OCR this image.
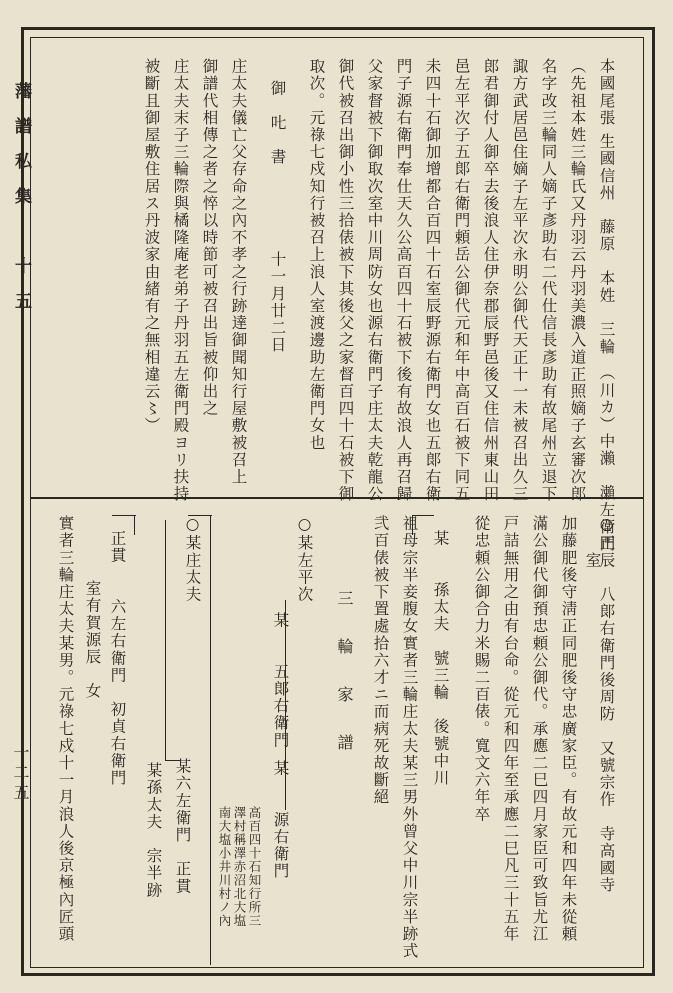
藩譜私集　十五
一二五
本國尾張 生國信州　藤原　本姓　三輪　（川カ）中瀨　瀨左衛門
（先祖本姓三輪氏又丹羽云丹羽美濃入道正照嫡子玄審次郎
名字改三輪同人嫡子彥助右二代仕信長彥助有故尾州立退下
諏方武居邑住嫡子左平次永明公御代天正十一未被召出久三
郎君御付人御卒去後浪人住伊奈郡辰野邑後又住信州東山田
邑左平次子五郞右衛門頼岳公御代元和年中高百石被下同五
未四十石御加增都合百四十石室辰野源右衛門女也五郞右衛
門子源右衛門奉仕天久公高百四十石被下後有故浪人再召歸
父家督被下御取次室中川周防女也源右衛門子庄太夫乾龍公
御代被召出御小性三拾俵被下其後父之家督百四十石被下御
取次。元祿七戍知行被召上浪人室渡邊助左衛門女也
御　𠮟　書　　　　　十一月廿二日
庄太夫儀亡父存命之內不孝之行跡達御聞知行屋敷被召上
御譜代相傳之者之悴以時節可被召出旨被仰出之
庄太夫末子三輪際與橘隆庵老弟子丹羽五左衛門殿ヨリ扶持
被斷且御屋敷住居ス丹波家由緒有之無相違云〻）
○正辰　八郞右衛門後周防　又號宗作　寺高國寺
室
加藤肥後守淸正同肥後守忠廣家臣。有故元和四年未從頼
滿公御代御預忠頼公御代。承應二巳四月家臣可致旨尤江
戸詰無用之由有台命。從元和四年至承應二巳凡三十五年
從忠頼公御合力米賜二百俵。寬文六年卒
某　　孫太夫　號三輪　後號中川
祖母宗半妾腹女實者三輪庄太夫某三男外曾父中川宗半跡式
弐百俵被下置處拾六才ニ而病死故斷絕
三　輪　家　譜
○某左平次
某　　五郞右衛門
某　　源右衛門
高百四十石知行所三澤村稱澤赤沼北大塩南大塩小井川村ノ內
○某庄太夫
某六左衛門　正貫
某孫太夫　宗半跡
正貫　　六左右衛門　初貞右衛門
室有賀源辰　女
實者三輪庄太夫某男。元祿七戍十一月浪人後京極內匠頭
